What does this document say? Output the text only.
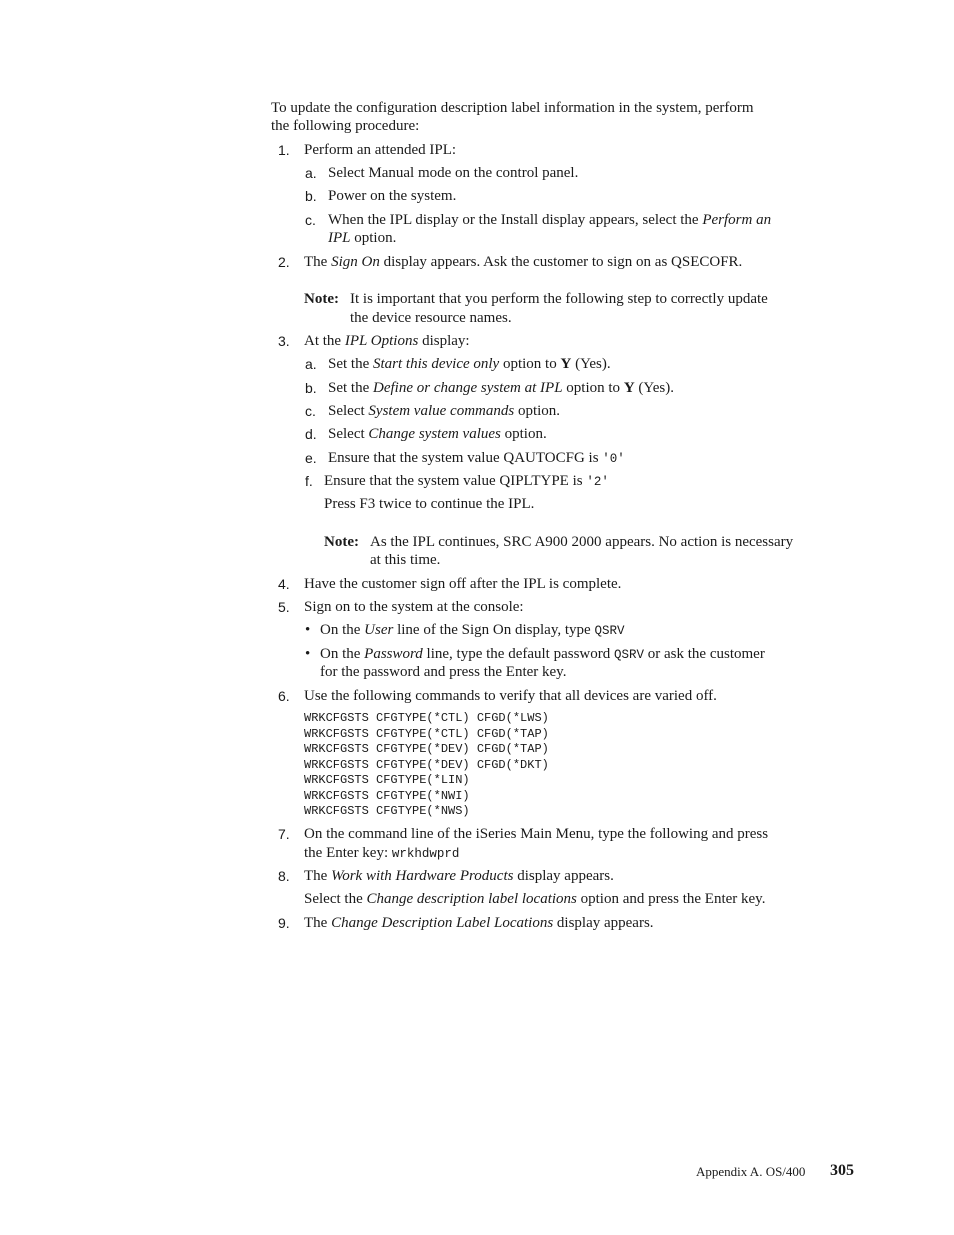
To update the configuration description label information in the system, perform
the following procedure:
1. Perform an attended IPL:
a. Select Manual mode on the control panel.
b. Power on the system.
c. When the IPL display or the Install display appears, select the Perform an
IPL option.
2. The Sign On display appears. Ask the customer to sign on as QSECOFR.
Note: It is important that you perform the following step to correctly update
the device resource names.
3. At the IPL Options display:
a. Set the Start this device only option to Y (Yes).
b. Set the Define or change system at IPL option to Y (Yes).
c. Select System value commands option.
d. Select Change system values option.
e. Ensure that the system value QAUTOCFG is '0'
f. Ensure that the system value QIPLTYPE is '2'
Press F3 twice to continue the IPL.
Note: As the IPL continues, SRC A900 2000 appears. No action is necessary
at this time.
4. Have the customer sign off after the IPL is complete.
5. Sign on to the system at the console:
• On the User line of the Sign On display, type QSRV
• On the Password line, type the default password QSRV or ask the customer
for the password and press the Enter key.
6. Use the following commands to verify that all devices are varied off.
WRKCFGSTS CFGTYPE(*CTL) CFGD(*LWS)
WRKCFGSTS CFGTYPE(*CTL) CFGD(*TAP)
WRKCFGSTS CFGTYPE(*DEV) CFGD(*TAP)
WRKCFGSTS CFGTYPE(*DEV) CFGD(*DKT)
WRKCFGSTS CFGTYPE(*LIN)
WRKCFGSTS CFGTYPE(*NWI)
WRKCFGSTS CFGTYPE(*NWS)
7. On the command line of the iSeries Main Menu, type the following and press
the Enter key: wrkhdwprd
8. The Work with Hardware Products display appears.
Select the Change description label locations option and press the Enter key.
9. The Change Description Label Locations display appears.
Appendix A. OS/400 305
